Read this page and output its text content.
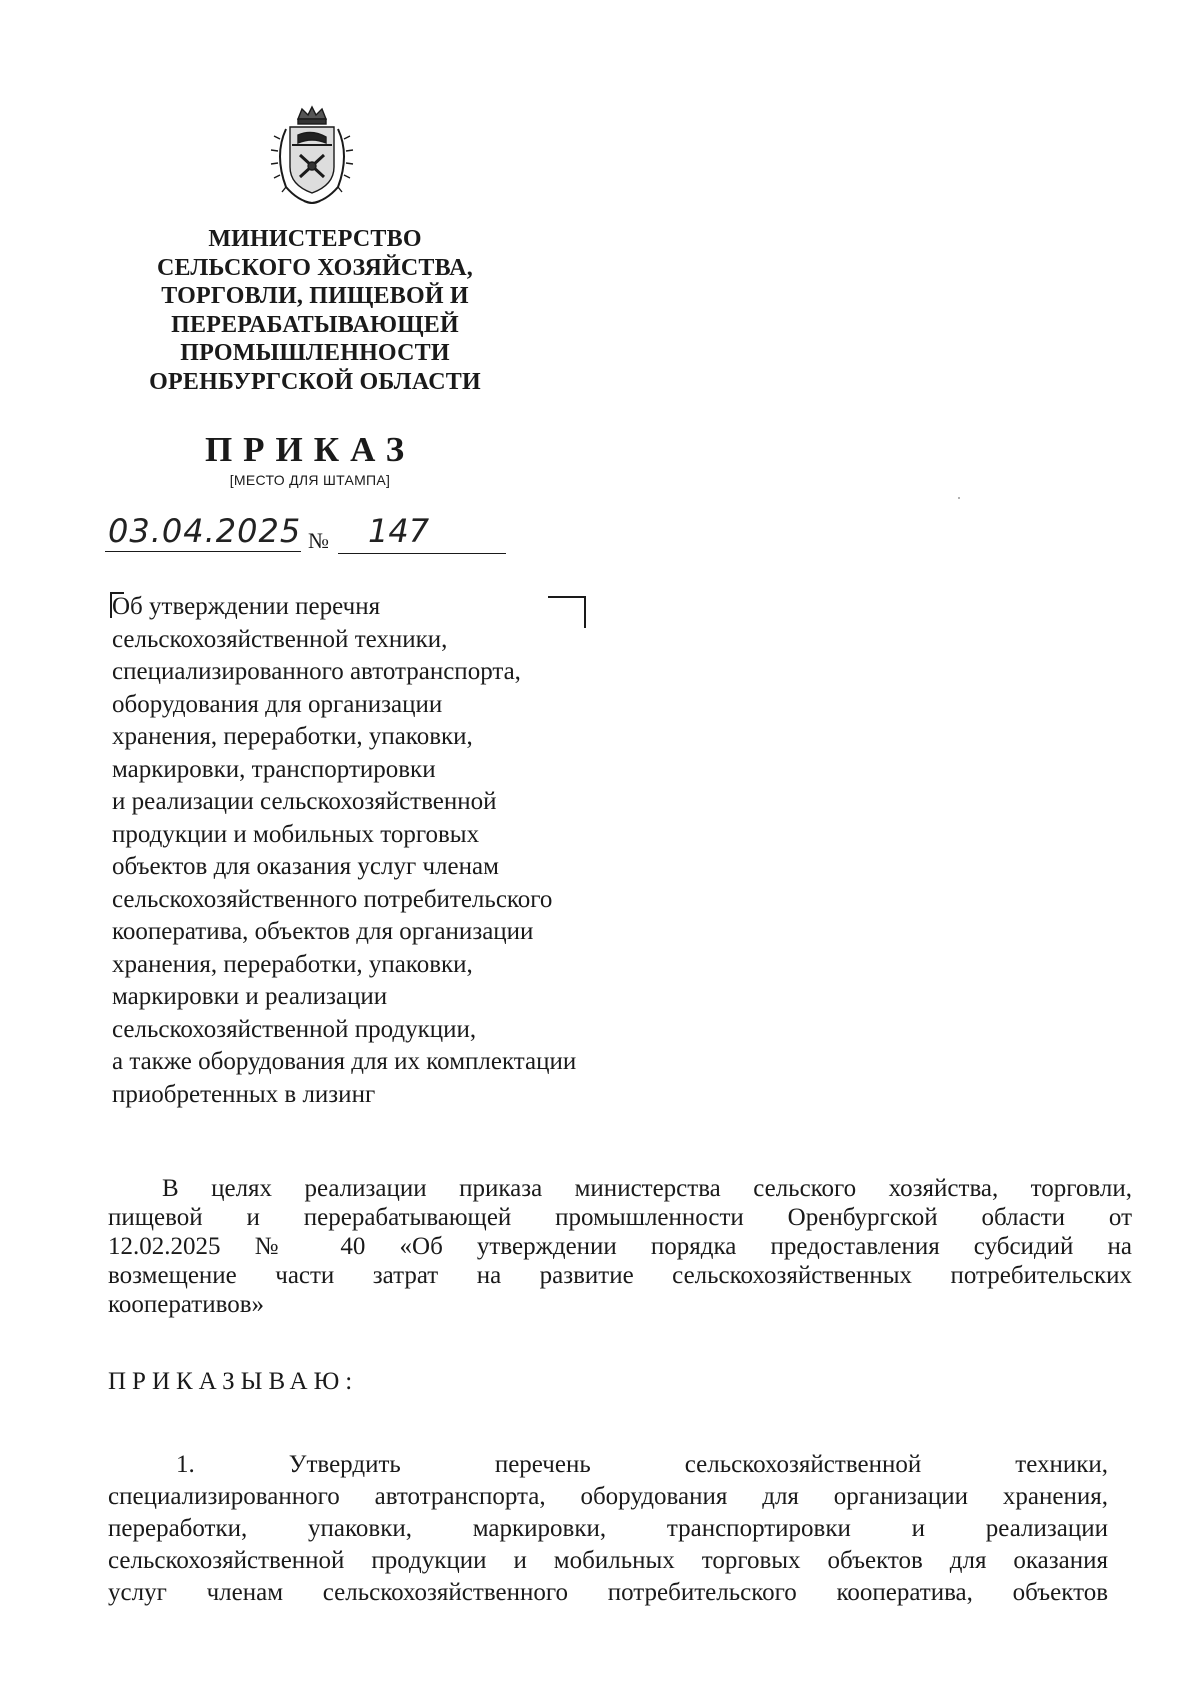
МИНИСТЕРСТВО
СЕЛЬСКОГО ХОЗЯЙСТВА,
ТОРГОВЛИ, ПИЩЕВОЙ И
ПЕРЕРАБАТЫВАЮЩЕЙ
ПРОМЫШЛЕННОСТИ
ОРЕНБУРГСКОЙ ОБЛАСТИ
ПРИКАЗ
[МЕСТО ДЛЯ ШТАМПА]
03.04.2025 № 147
Об утверждении перечня
сельскохозяйственной техники,
специализированного автотранспорта,
оборудования для организации
хранения, переработки, упаковки,
маркировки, транспортировки
и реализации сельскохозяйственной
продукции и мобильных торговых
объектов для оказания услуг членам
сельскохозяйственного потребительского
кооператива, объектов для организации
хранения, переработки, упаковки,
маркировки и реализации
сельскохозяйственной продукции,
а также оборудования для их комплектации
приобретенных в лизинг
В целях реализации приказа министерства сельского хозяйства, торговли,
пищевой и перерабатывающей промышленности Оренбургской области от
12.02.2025 № 40 «Об утверждении порядка предоставления субсидий на
возмещение части затрат на развитие сельскохозяйственных потребительских
кооперативов»
ПРИКАЗЫВАЮ:
1. Утвердить перечень сельскохозяйственной техники,
специализированного автотранспорта, оборудования для организации хранения,
переработки, упаковки, маркировки, транспортировки и реализации
сельскохозяйственной продукции и мобильных торговых объектов для оказания
услуг членам сельскохозяйственного потребительского кооператива, объектов
